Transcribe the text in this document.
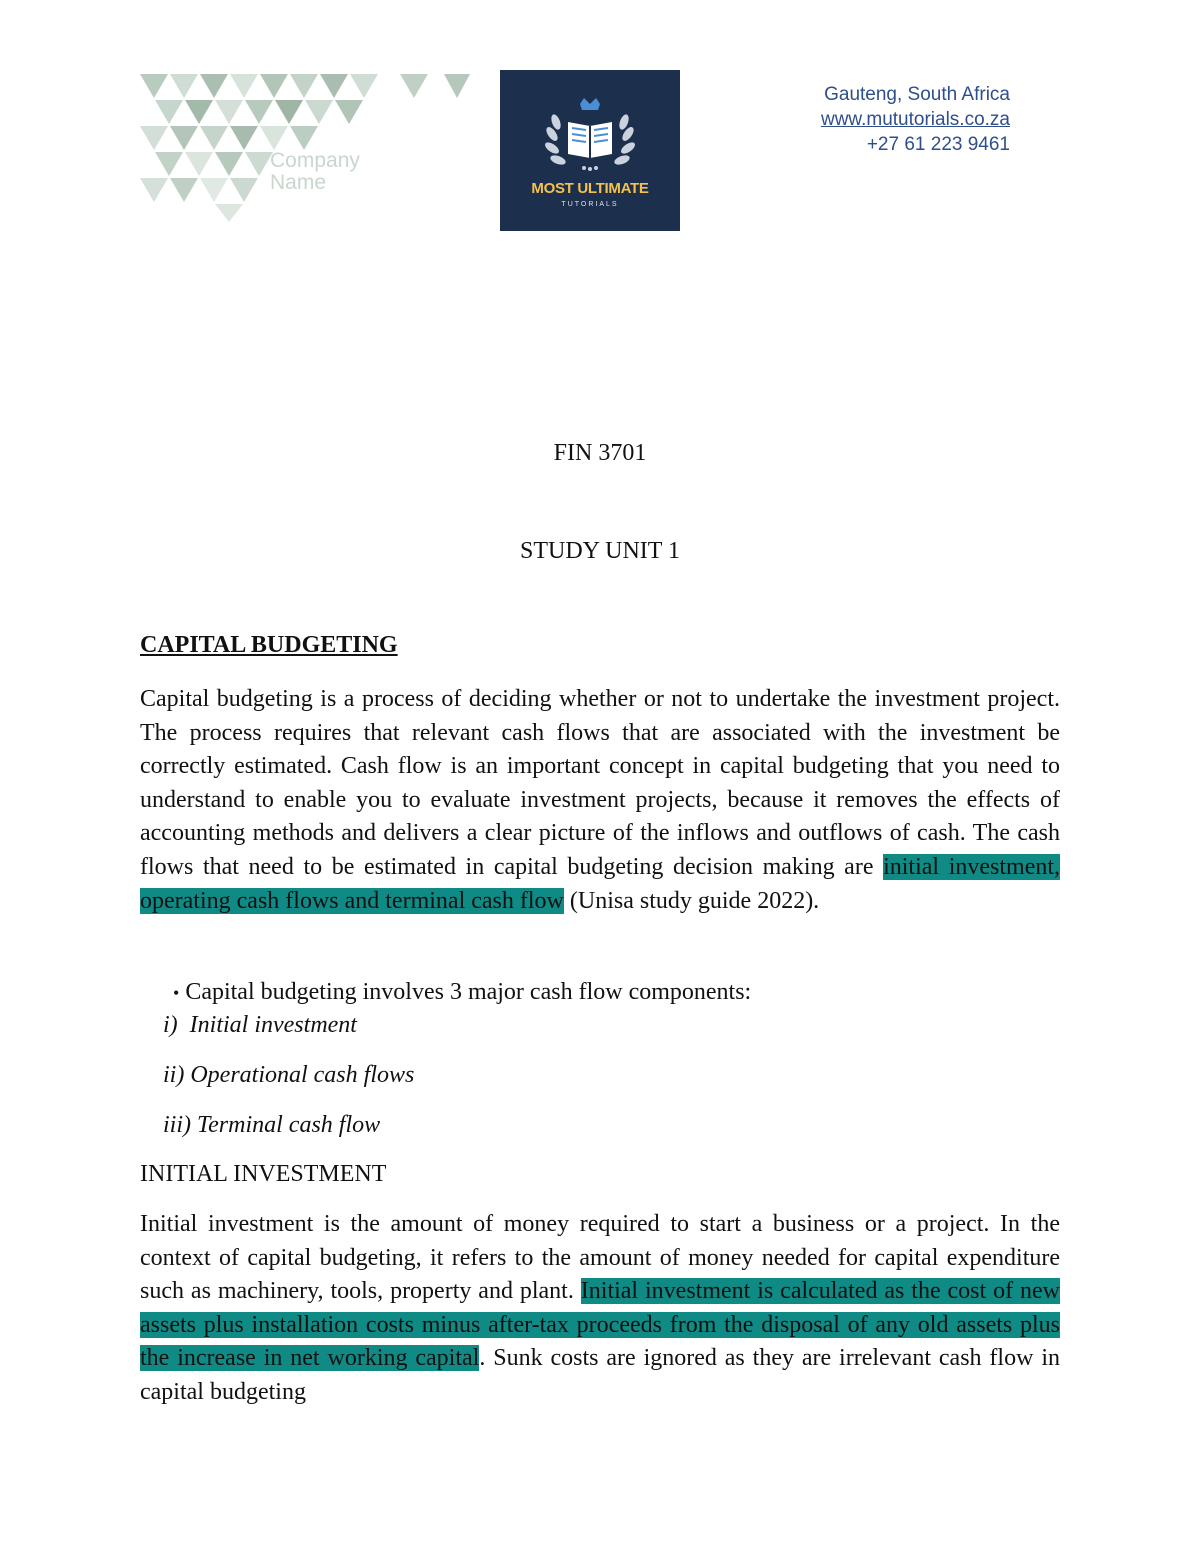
Company
Name	MOST ULTIMATE
TUTORIALS
Gauteng, South Africa
www.mututorials.co.za
+27 61 223 9461
FIN 3701
STUDY UNIT 1
CAPITAL BUDGETING

Capital budgeting is a process of deciding whether or not to undertake the investment project. The process requires that relevant cash flows that are associated with the investment be correctly estimated. Cash flow is an important concept in capital budgeting that you need to understand to enable you to evaluate investment projects, because it removes the effects of accounting methods and delivers a clear picture of the inflows and outflows of cash. The cash flows that need to be estimated in capital budgeting decision making are initial investment, operating cash flows and terminal cash flow (Unisa study guide 2022).

• Capital budgeting involves 3 major cash flow components:
i) Initial investment
ii) Operational cash flows
iii) Terminal cash flow
INITIAL INVESTMENT

Initial investment is the amount of money required to start a business or a project. In the context of capital budgeting, it refers to the amount of money needed for capital expenditure such as machinery, tools, property and plant. Initial investment is calculated as the cost of new assets plus installation costs minus after-tax proceeds from the disposal of any old assets plus the increase in net working capital. Sunk costs are ignored as they are irrelevant cash flow in capital budgeting
